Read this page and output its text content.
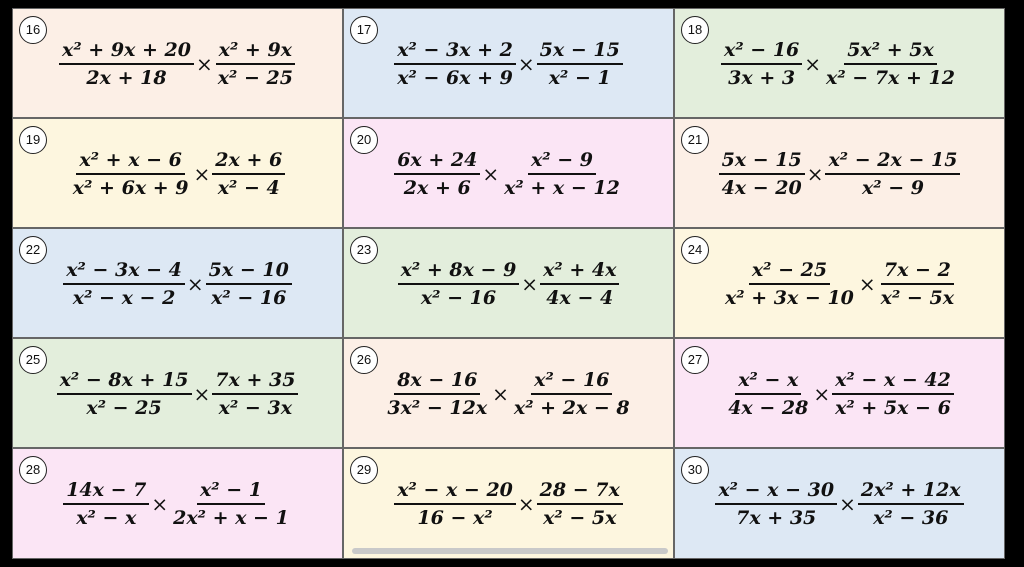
16
$\frac{\text{x² + 9x + 20}}{2x + 18} \times \frac{\text{x² + 9x}}{\text{x² − 25}}$
17
$\frac{\text{x² − 3x + 2}}{\text{x² − 6x + 9}} \times \frac{5x - 15}{\text{x² − 1}}$
18
$\frac{\text{x² − 16}}{3x + 3} \times \frac{\text{5x² + 5x}}{\text{x² − 7x + 12}}$
19
$\frac{\text{x² + x − 6}}{\text{x² + 6x + 9}} \times \frac{2x + 6}{\text{x² − 4}}$
20
$\frac{6x + 24}{2x + 6} \times \frac{\text{x² − 9}}{\text{x² + x − 12}}$
21
$\frac{5x - 15}{4x - 20} \times \frac{\text{x² − 2x − 15}}{\text{x² − 9}}$
22
$\frac{\text{x² − 3x − 4}}{\text{x² − x − 2}} \times \frac{5x - 10}{\text{x² − 16}}$
23
$\frac{\text{x² + 8x − 9}}{\text{x² − 16}} \times \frac{\text{x² + 4x}}{4x - 4}$
24
$\frac{\text{x² − 25}}{\text{x² + 3x − 10}} \times \frac{7x - 2}{\text{x² − 5x}}$
25
$\frac{\text{x² − 8x + 15}}{\text{x² − 25}} \times \frac{7x + 35}{\text{x² − 3x}}$
26
$\frac{8x - 16}{\text{3x² − 12x}} \times \frac{\text{x² − 16}}{\text{x² + 2x − 8}}$
27
$\frac{\text{x² − x}}{4x - 28} \times \frac{\text{x² − x − 42}}{\text{x² + 5x − 6}}$
28
$\frac{14x - 7}{\text{x² − x}} \times \frac{\text{x² − 1}}{\text{2x² + x − 1}}$
29
$\frac{\text{x² − x − 20}}{\text{16 − x²}} \times \frac{28 - 7x}{\text{x² − 5x}}$
30
$\frac{\text{x² − x − 30}}{7x + 35} \times \frac{\text{2x² + 12x}}{\text{x² − 36}}$
